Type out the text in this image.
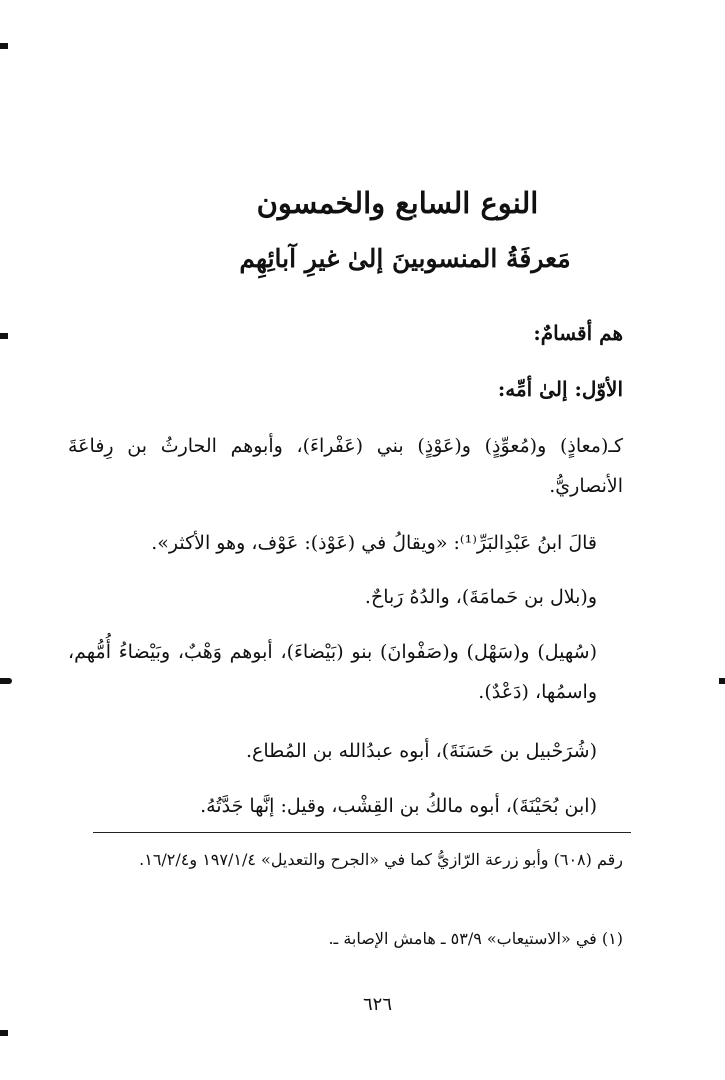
النوع السابع والخمسون
مَعرفَةُ المنسوبينَ إلىٰ غيرِ آبائِهِم
هم أقسامٌ:
الأوّل: إلىٰ أمِّه:
كـ(معاذٍ) و(مُعوِّذٍ) و(عَوْذٍ) بني (عَفْراءَ)، وأبوهم الحارثُ بن رِفاعَةَ الأنصاريُّ.
قالَ ابنُ عَبْدِالبَرِّ⁽¹⁾: «ويقالُ في (عَوْذ): عَوْف، وهو الأكثر».
و(بلال بن حَمامَةَ)، والدُهُ رَباحٌ.
(سُهيل) و(سَهْل) و(صَفْوانَ) بنو (بَيْضاءَ)، أبوهم وَهْبٌ، وبَيْضاءُ أُمُّهم، واسمُها، (دَعْدٌ).
(شُرَحْبيل بن حَسَنَةَ)، أبوه عبدُالله بن المُطاع.
(ابن بُحَيْنَةَ)، أبوه مالكُ بن القِشْب، وقيل: إنَّها جَدَّتُهُ.
رقم (٦٠٨) وأبو زرعة الرّازيُّ كما في «الجرح والتعديل» ١٩٧/١/٤ و١٦/٢/٤.
(١) في «الاستيعاب» ٥٣/٩ ـ هامش الإصابة ـ.
٦٢٦
